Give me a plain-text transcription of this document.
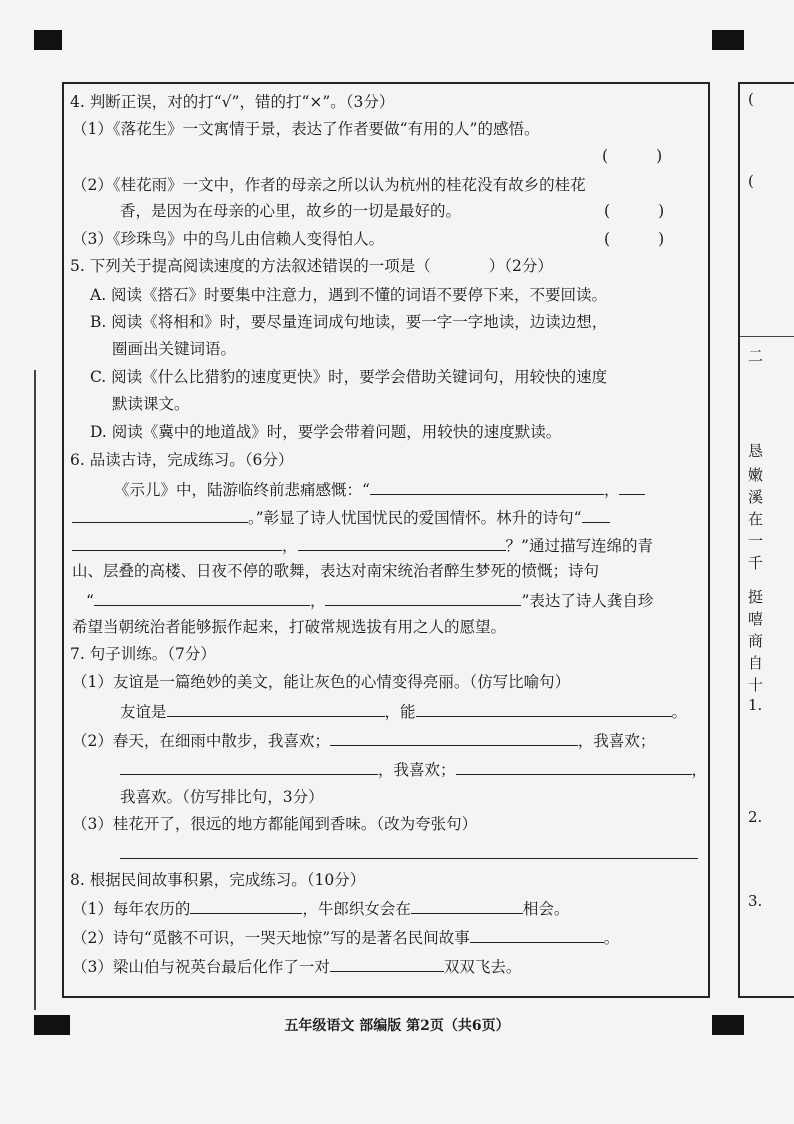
4. 判断正误，对的打“√”，错的打“×”。（3分）
（1）《落花生》一文寓情于景，表达了作者要做“有用的人”的感悟。
(	)
（2）《桂花雨》一文中，作者的母亲之所以认为杭州的桂花没有故乡的桂花
香，是因为在母亲的心里，故乡的一切是最好的。	(	)
（3）《珍珠鸟》中的鸟儿由信赖人变得怕人。	(	)
5. 下列关于提高阅读速度的方法叙述错误的一项是（	）（2分）
A. 阅读《搭石》时要集中注意力，遇到不懂的词语不要停下来，不要回读。
B. 阅读《将相和》时，要尽量连词成句地读，要一字一字地读，边读边想，
圈画出关键词语。
C. 阅读《什么比猎豹的速度更快》时，要学会借助关键词句，用较快的速度
默读课文。
D. 阅读《冀中的地道战》时，要学会带着问题，用较快的速度默读。
6. 品读古诗，完成练习。（6分）
《示儿》中，陆游临终前悲痛感慨：“	，
。”彰显了诗人忧国忧民的爱国情怀。林升的诗句“
，	？”通过描写连绵的青
山、层叠的高楼、日夜不停的歌舞，表达对南宋统治者醉生梦死的愤慨；诗句
“	，	”表达了诗人龚自珍
希望当朝统治者能够振作起来，打破常规选拔有用之人的愿望。
7. 句子训练。（7分）
（1）友谊是一篇绝妙的美文，能让灰色的心情变得亮丽。（仿写比喻句）
友谊是	，能	。
（2）春天，在细雨中散步，我喜欢；	，我喜欢；
，我喜欢；	，
我喜欢。（仿写排比句，3分）
（3）桂花开了，很远的地方都能闻到香味。（改为夸张句）
8. 根据民间故事积累，完成练习。（10分）
（1）每年农历的	，牛郎织女会在	相会。
（2）诗句“觅骸不可识，一哭天地惊”写的是著名民间故事	。
（3）梁山伯与祝英台最后化作了一对	双双飞去。
五年级语文 部编版 第2页（共6页）
(
(
二
恳
嫩
溪
在
一
千
挺
嘻
商
自
十
1.
2.
3.
